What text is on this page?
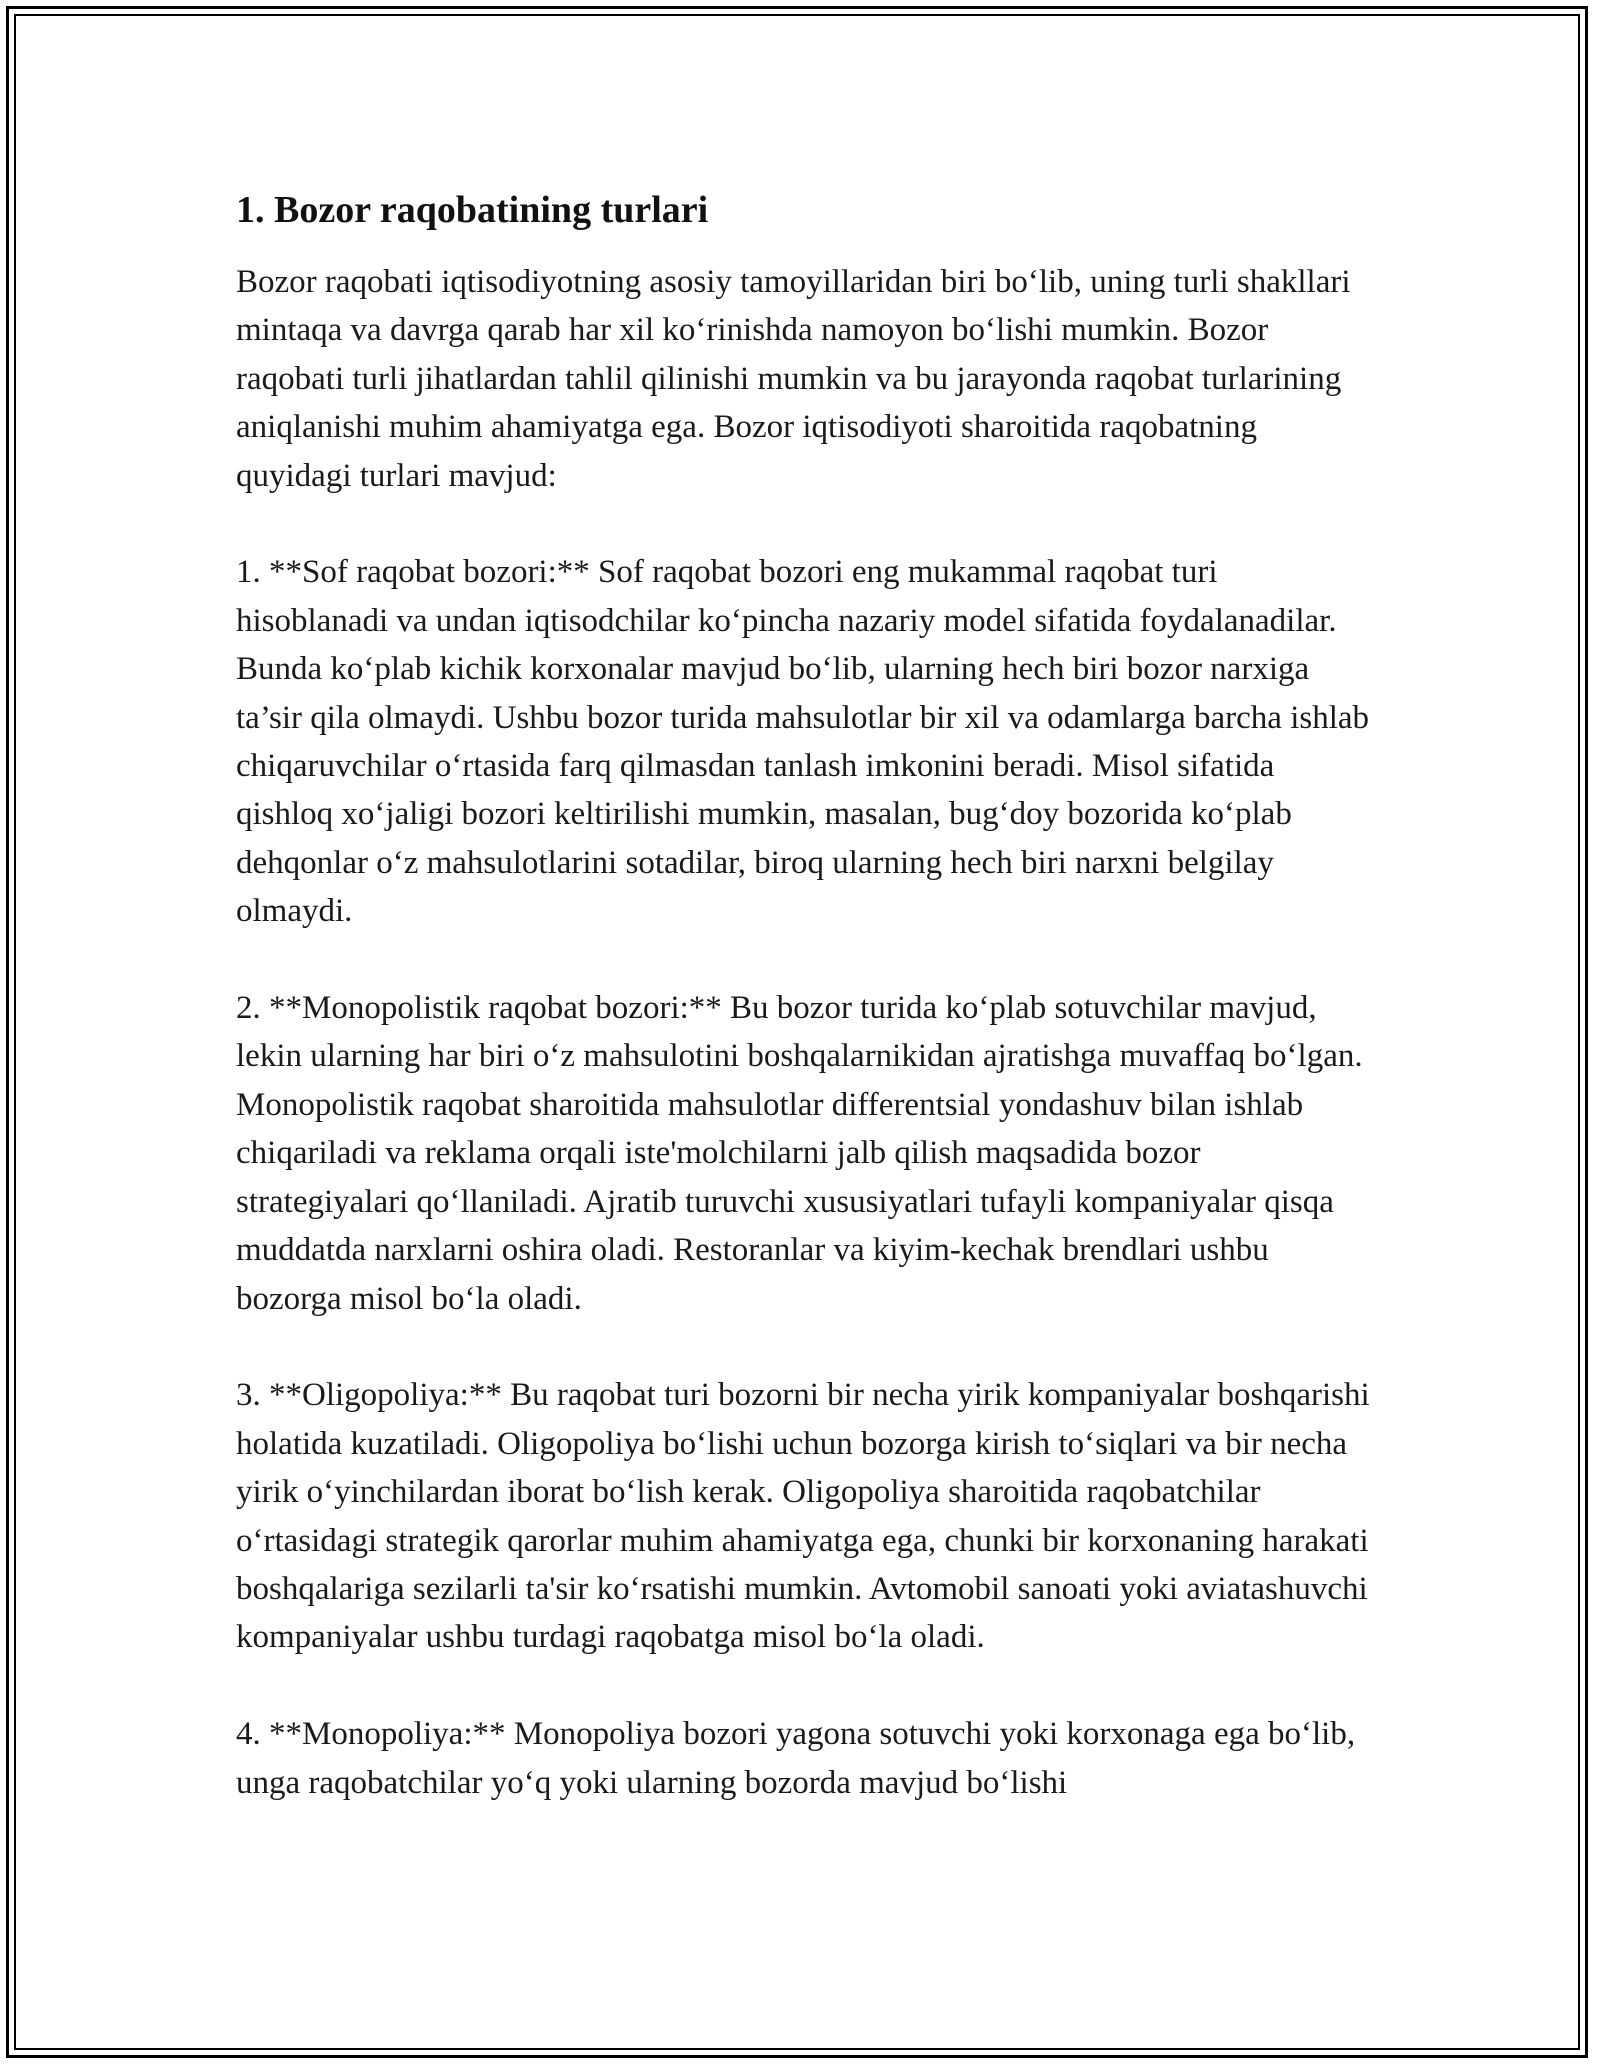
1. Bozor raqobatining turlari

Bozor raqobati iqtisodiyotning asosiy tamoyillaridan biri bo‘lib, uning turli shakllari mintaqa va davrga qarab har xil ko‘rinishda namoyon bo‘lishi mumkin. Bozor raqobati turli jihatlardan tahlil qilinishi mumkin va bu jarayonda raqobat turlarining aniqlanishi muhim ahamiyatga ega. Bozor iqtisodiyoti sharoitida raqobatning quyidagi turlari mavjud:

1. **Sof raqobat bozori:** Sof raqobat bozori eng mukammal raqobat turi hisoblanadi va undan iqtisodchilar ko‘pincha nazariy model sifatida foydalanadilar. Bunda ko‘plab kichik korxonalar mavjud bo‘lib, ularning hech biri bozor narxiga ta’sir qila olmaydi. Ushbu bozor turida mahsulotlar bir xil va odamlarga barcha ishlab chiqaruvchilar o‘rtasida farq qilmasdan tanlash imkonini beradi. Misol sifatida qishloq xo‘jaligi bozori keltirilishi mumkin, masalan, bug‘doy bozorida ko‘plab dehqonlar o‘z mahsulotlarini sotadilar, biroq ularning hech biri narxni belgilay olmaydi.

2. **Monopolistik raqobat bozori:** Bu bozor turida ko‘plab sotuvchilar mavjud, lekin ularning har biri o‘z mahsulotini boshqalarnikidan ajratishga muvaffaq bo‘lgan. Monopolistik raqobat sharoitida mahsulotlar differentsial yondashuv bilan ishlab chiqariladi va reklama orqali iste'molchilarni jalb qilish maqsadida bozor strategiyalari qo‘llaniladi. Ajratib turuvchi xususiyatlari tufayli kompaniyalar qisqa muddatda narxlarni oshira oladi. Restoranlar va kiyim-kechak brendlari ushbu bozorga misol bo‘la oladi.

3. **Oligopoliya:** Bu raqobat turi bozorni bir necha yirik kompaniyalar boshqarishi holatida kuzatiladi. Oligopoliya bo‘lishi uchun bozorga kirish to‘siqlari va bir necha yirik o‘yinchilardan iborat bo‘lish kerak. Oligopoliya sharoitida raqobatchilar o‘rtasidagi strategik qarorlar muhim ahamiyatga ega, chunki bir korxonaning harakati boshqalariga sezilarli ta'sir ko‘rsatishi mumkin. Avtomobil sanoati yoki aviatashuvchi kompaniyalar ushbu turdagi raqobatga misol bo‘la oladi.

4. **Monopoliya:** Monopoliya bozori yagona sotuvchi yoki korxonaga ega bo‘lib, unga raqobatchilar yo‘q yoki ularning bozorda mavjud bo‘lishi
